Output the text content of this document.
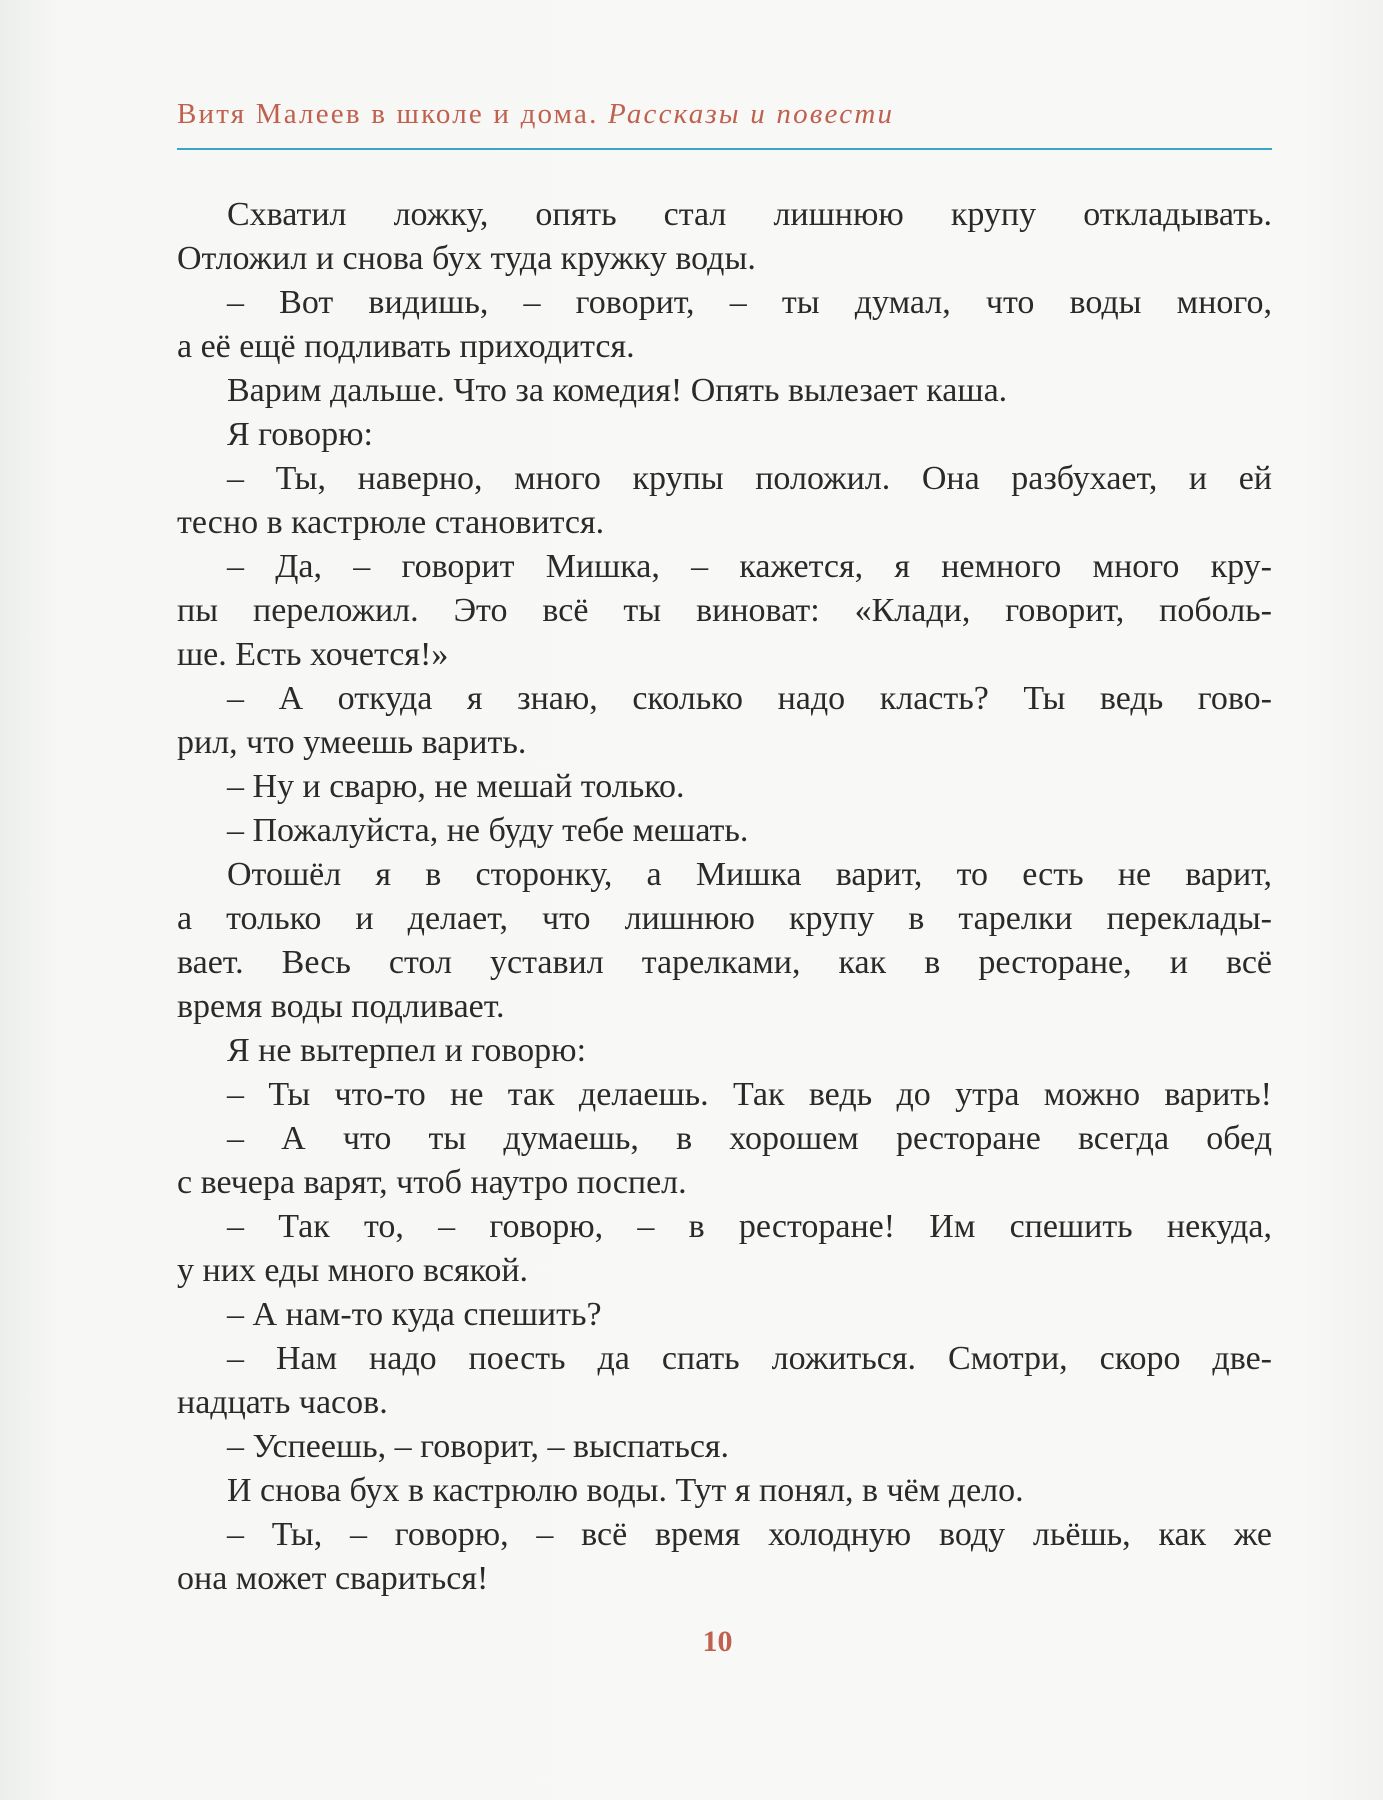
Витя Малеев в школе и дома. Рассказы и повести
Схватил ложку, опять стал лишнюю крупу откладывать.
Отложил и снова бух туда кружку воды.
– Вот видишь, – говорит, – ты думал, что воды много,
а её ещё подливать приходится.
Варим дальше. Что за комедия! Опять вылезает каша.
Я говорю:
– Ты, наверно, много крупы положил. Она разбухает, и ей
тесно в кастрюле становится.
– Да, – говорит Мишка, – кажется, я немного много кру-
пы переложил. Это всё ты виноват: «Клади, говорит, поболь-
ше. Есть хочется!»
– А откуда я знаю, сколько надо класть? Ты ведь гово-
рил, что умеешь варить.
– Ну и сварю, не мешай только.
– Пожалуйста, не буду тебе мешать.
Отошёл я в сторонку, а Мишка варит, то есть не варит,
а только и делает, что лишнюю крупу в тарелки переклады-
вает. Весь стол уставил тарелками, как в ресторане, и всё
время воды подливает.
Я не вытерпел и говорю:
– Ты что-то не так делаешь. Так ведь до утра можно варить!
– А что ты думаешь, в хорошем ресторане всегда обед
с вечера варят, чтоб наутро поспел.
– Так то, – говорю, – в ресторане! Им спешить некуда,
у них еды много всякой.
– А нам-то куда спешить?
– Нам надо поесть да спать ложиться. Смотри, скоро две-
надцать часов.
– Успеешь, – говорит, – выспаться.
И снова бух в кастрюлю воды. Тут я понял, в чём дело.
– Ты, – говорю, – всё время холодную воду льёшь, как же
она может свариться!
10
